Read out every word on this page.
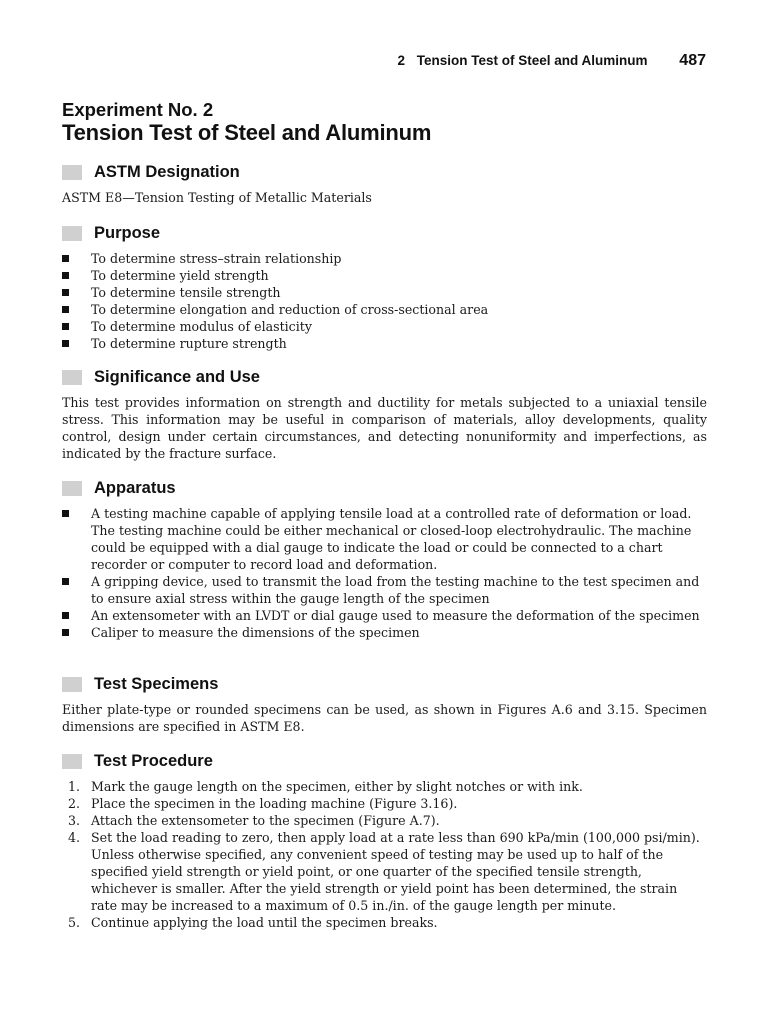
2 Tension Test of Steel and Aluminum 487
Experiment No. 2
Tension Test of Steel and Aluminum
ASTM Designation
ASTM E8—Tension Testing of Metallic Materials
Purpose
To determine stress–strain relationship
To determine yield strength
To determine tensile strength
To determine elongation and reduction of cross-sectional area
To determine modulus of elasticity
To determine rupture strength
Significance and Use
This test provides information on strength and ductility for metals subjected to a uniaxial tensile stress. This information may be useful in comparison of materials, alloy developments, quality control, design under certain circumstances, and detecting nonuniformity and imperfections, as indicated by the fracture surface.
Apparatus
A testing machine capable of applying tensile load at a controlled rate of deformation or load. The testing machine could be either mechanical or closed-loop electrohydraulic. The machine could be equipped with a dial gauge to indicate the load or could be connected to a chart recorder or computer to record load and deformation.
A gripping device, used to transmit the load from the testing machine to the test specimen and to ensure axial stress within the gauge length of the specimen
An extensometer with an LVDT or dial gauge used to measure the deformation of the specimen
Caliper to measure the dimensions of the specimen
Test Specimens
Either plate-type or rounded specimens can be used, as shown in Figures A.6 and 3.15. Specimen dimensions are specified in ASTM E8.
Test Procedure
1. Mark the gauge length on the specimen, either by slight notches or with ink.
2. Place the specimen in the loading machine (Figure 3.16).
3. Attach the extensometer to the specimen (Figure A.7).
4. Set the load reading to zero, then apply load at a rate less than 690 kPa/min (100,000 psi/min). Unless otherwise specified, any convenient speed of testing may be used up to half of the specified yield strength or yield point, or one quarter of the specified tensile strength, whichever is smaller. After the yield strength or yield point has been determined, the strain rate may be increased to a maximum of 0.5 in./in. of the gauge length per minute.
5. Continue applying the load until the specimen breaks.
